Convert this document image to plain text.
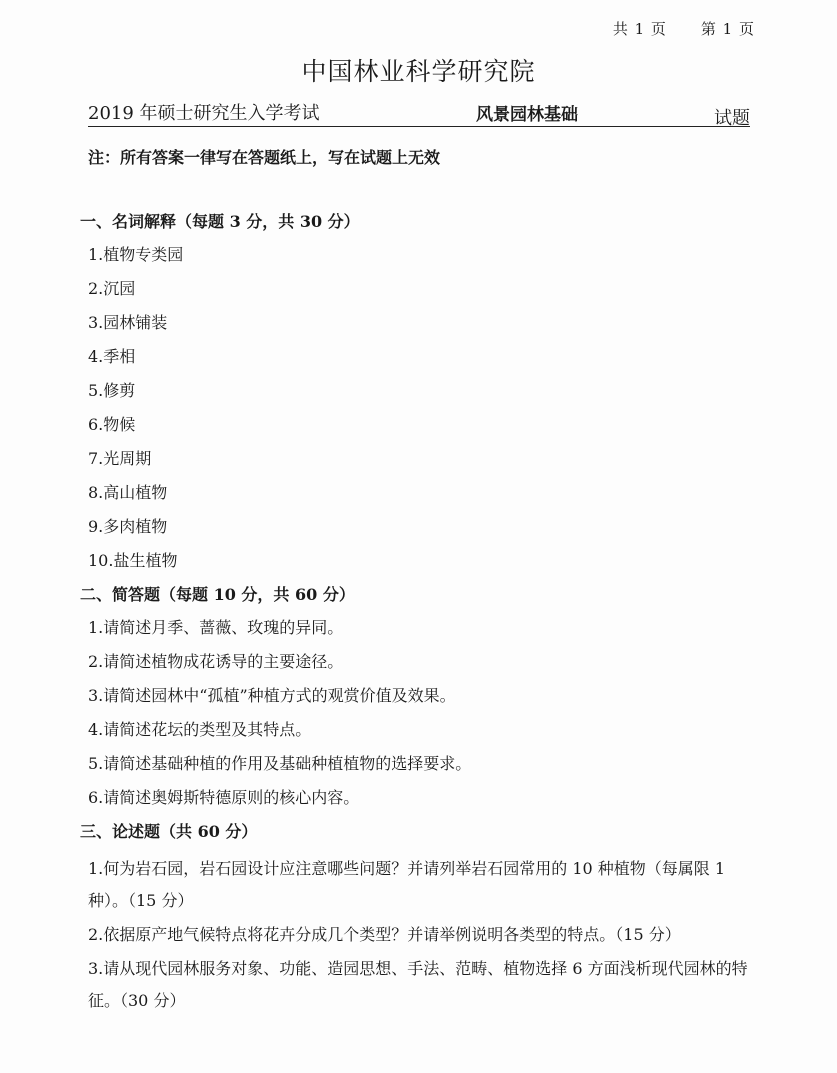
共 1 页 第 1 页
中国林业科学研究院
2019 年硕士研究生入学考试	风景园林基础	试题
注：所有答案一律写在答题纸上，写在试题上无效
一、名词解释（每题 3 分，共 30 分）
1.植物专类园
2.沉园
3.园林铺装
4.季相
5.修剪
6.物候
7.光周期
8.高山植物
9.多肉植物
10.盐生植物
二、简答题（每题 10 分，共 60 分）
1.请简述月季、蔷薇、玫瑰的异同。
2.请简述植物成花诱导的主要途径。
3.请简述园林中“孤植”种植方式的观赏价值及效果。
4.请简述花坛的类型及其特点。
5.请简述基础种植的作用及基础种植植物的选择要求。
6.请简述奥姆斯特德原则的核心内容。
三、论述题（共 60 分）
1.何为岩石园，岩石园设计应注意哪些问题？并请列举岩石园常用的 10 种植物（每属限 1 种）。（15 分）
2.依据原产地气候特点将花卉分成几个类型？并请举例说明各类型的特点。（15 分）
3.请从现代园林服务对象、功能、造园思想、手法、范畴、植物选择 6 方面浅析现代园林的特征。（30 分）
